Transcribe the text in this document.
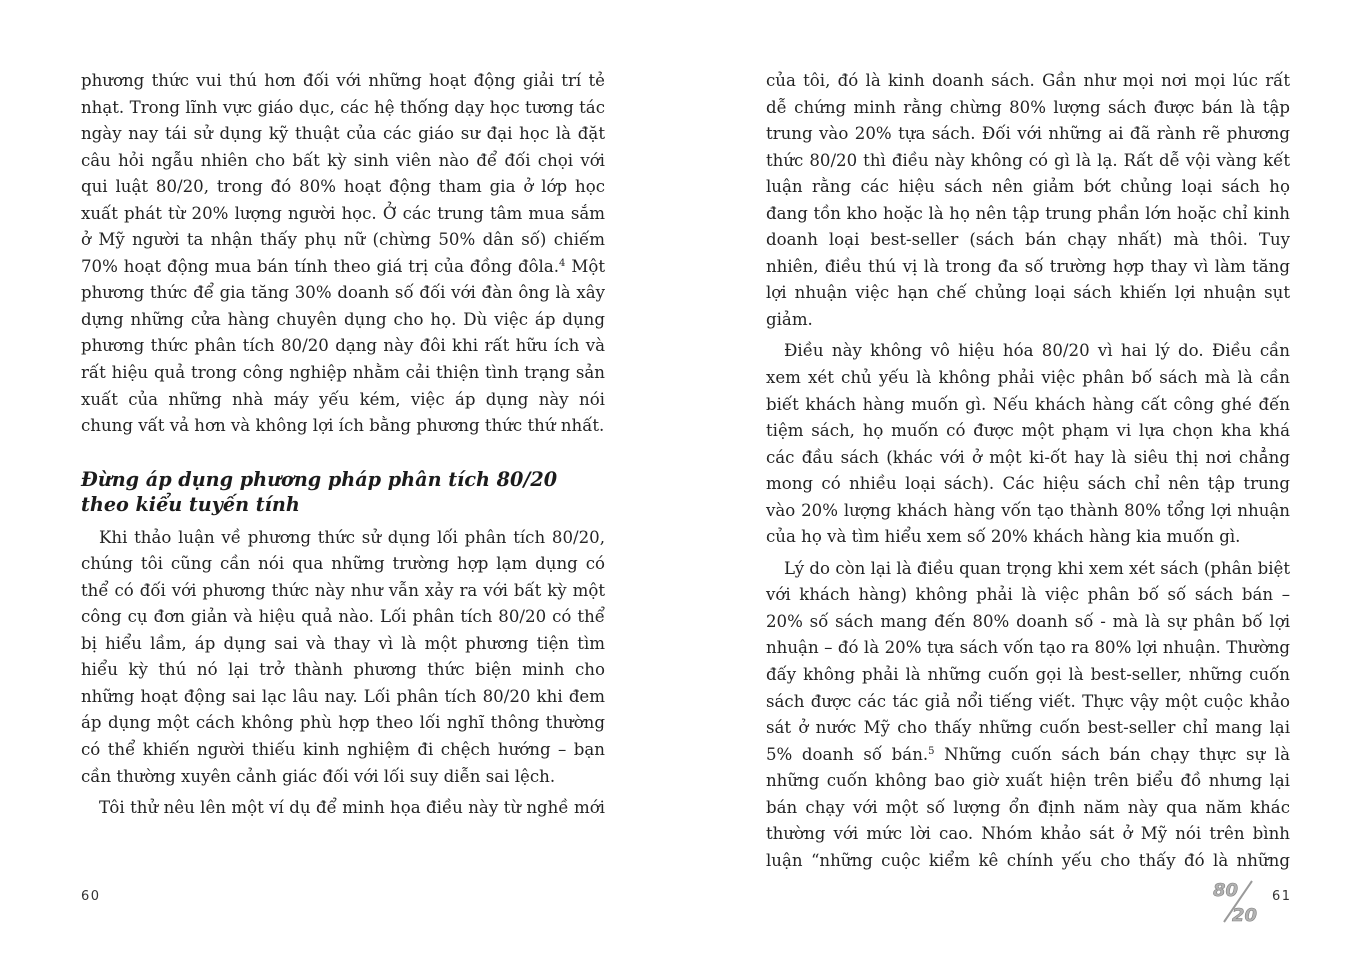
phương thức vui thú hơn đối với những hoạt động giải trí tẻ nhạt. Trong lĩnh vực giáo dục, các hệ thống dạy học tương tác ngày nay tái sử dụng kỹ thuật của các giáo sư đại học là đặt câu hỏi ngẫu nhiên cho bất kỳ sinh viên nào để đối chọi với qui luật 80/20, trong đó 80% hoạt động tham gia ở lớp học xuất phát từ 20% lượng người học. Ở các trung tâm mua sắm ở Mỹ người ta nhận thấy phụ nữ (chừng 50% dân số) chiếm 70% hoạt động mua bán tính theo giá trị của đồng đôla.$^4$ Một phương thức để gia tăng 30% doanh số đối với đàn ông là xây dựng những cửa hàng chuyên dụng cho họ. Dù việc áp dụng phương thức phân tích 80/20 dạng này đôi khi rất hữu ích và rất hiệu quả trong công nghiệp nhằm cải thiện tình trạng sản xuất của những nhà máy yếu kém, việc áp dụng này nói chung vất vả hơn và không lợi ích bằng phương thức thứ nhất.

Đừng áp dụng phương pháp phân tích 80/20 theo kiểu tuyến tính

Khi thảo luận về phương thức sử dụng lối phân tích 80/20, chúng tôi cũng cần nói qua những trường hợp lạm dụng có thể có đối với phương thức này như vẫn xảy ra với bất kỳ một công cụ đơn giản và hiệu quả nào. Lối phân tích 80/20 có thể bị hiểu lầm, áp dụng sai và thay vì là một phương tiện tìm hiểu kỳ thú nó lại trở thành phương thức biện minh cho những hoạt động sai lạc lâu nay. Lối phân tích 80/20 khi đem áp dụng một cách không phù hợp theo lối nghĩ thông thường có thể khiến người thiếu kinh nghiệm đi chệch hướng – bạn cần thường xuyên cảnh giác đối với lối suy diễn sai lệch.

Tôi thử nêu lên một ví dụ để minh họa điều này từ nghề mới

60

của tôi, đó là kinh doanh sách. Gần như mọi nơi mọi lúc rất dễ chứng minh rằng chừng 80% lượng sách được bán là tập trung vào 20% tựa sách. Đối với những ai đã rành rẽ phương thức 80/20 thì điều này không có gì là lạ. Rất dễ vội vàng kết luận rằng các hiệu sách nên giảm bớt chủng loại sách họ đang tồn kho hoặc là họ nên tập trung phần lớn hoặc chỉ kinh doanh loại best-seller (sách bán chạy nhất) mà thôi. Tuy nhiên, điều thú vị là trong đa số trường hợp thay vì làm tăng lợi nhuận việc hạn chế chủng loại sách khiến lợi nhuận sụt giảm.

Điều này không vô hiệu hóa 80/20 vì hai lý do. Điều cần xem xét chủ yếu là không phải việc phân bố sách mà là cần biết khách hàng muốn gì. Nếu khách hàng cất công ghé đến tiệm sách, họ muốn có được một phạm vi lựa chọn kha khá các đầu sách (khác với ở một ki-ốt hay là siêu thị nơi chẳng mong có nhiều loại sách). Các hiệu sách chỉ nên tập trung vào 20% lượng khách hàng vốn tạo thành 80% tổng lợi nhuận của họ và tìm hiểu xem số 20% khách hàng kia muốn gì.

Lý do còn lại là điều quan trọng khi xem xét sách (phân biệt với khách hàng) không phải là việc phân bố số sách bán – 20% số sách mang đến 80% doanh số - mà là sự phân bố lợi nhuận – đó là 20% tựa sách vốn tạo ra 80% lợi nhuận. Thường đấy không phải là những cuốn gọi là best-seller, những cuốn sách được các tác giả nổi tiếng viết. Thực vậy một cuộc khảo sát ở nước Mỹ cho thấy những cuốn best-seller chỉ mang lại 5% doanh số bán.$^5$ Những cuốn sách bán chạy thực sự là những cuốn không bao giờ xuất hiện trên biểu đồ nhưng lại bán chạy với một số lượng ổn định năm này qua năm khác thường với mức lời cao. Nhóm khảo sát ở Mỹ nói trên bình luận “những cuộc kiểm kê chính yếu cho thấy đó là những

80
20
61
